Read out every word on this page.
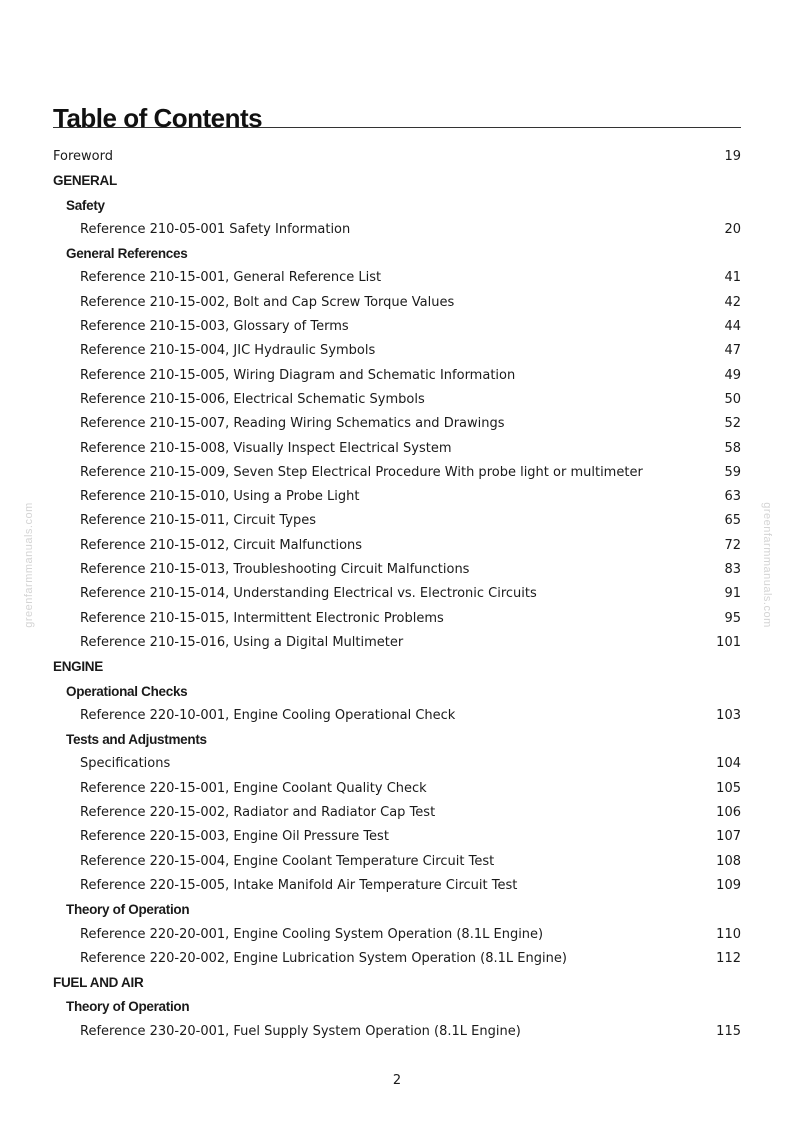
Table of Contents
Foreword	19
GENERAL
Safety
Reference 210-05-001 Safety Information	20
General References
Reference 210-15-001, General Reference List	41
Reference 210-15-002, Bolt and Cap Screw Torque Values	42
Reference 210-15-003, Glossary of Terms	44
Reference 210-15-004, JIC Hydraulic Symbols	47
Reference 210-15-005, Wiring Diagram and Schematic Information	49
Reference 210-15-006, Electrical Schematic Symbols	50
Reference 210-15-007, Reading Wiring Schematics and Drawings	52
Reference 210-15-008, Visually Inspect Electrical System	58
Reference 210-15-009, Seven Step Electrical Procedure With probe light or multimeter	59
Reference 210-15-010, Using a Probe Light	63
Reference 210-15-011, Circuit Types	65
Reference 210-15-012, Circuit Malfunctions	72
Reference 210-15-013, Troubleshooting Circuit Malfunctions	83
Reference 210-15-014, Understanding Electrical vs. Electronic Circuits	91
Reference 210-15-015, Intermittent Electronic Problems	95
Reference 210-15-016, Using a Digital Multimeter	101
ENGINE
Operational Checks
Reference 220-10-001, Engine Cooling Operational Check	103
Tests and Adjustments
Specifications	104
Reference 220-15-001, Engine Coolant Quality Check	105
Reference 220-15-002, Radiator and Radiator Cap Test	106
Reference 220-15-003, Engine Oil Pressure Test	107
Reference 220-15-004, Engine Coolant Temperature Circuit Test	108
Reference 220-15-005, Intake Manifold Air Temperature Circuit Test	109
Theory of Operation
Reference 220-20-001, Engine Cooling System Operation (8.1L Engine)	110
Reference 220-20-002, Engine Lubrication System Operation (8.1L Engine)	112
FUEL AND AIR
Theory of Operation
Reference 230-20-001, Fuel Supply System Operation (8.1L Engine)	115
2
greenfarmmanuals.com	greenfarmmanuals.com
